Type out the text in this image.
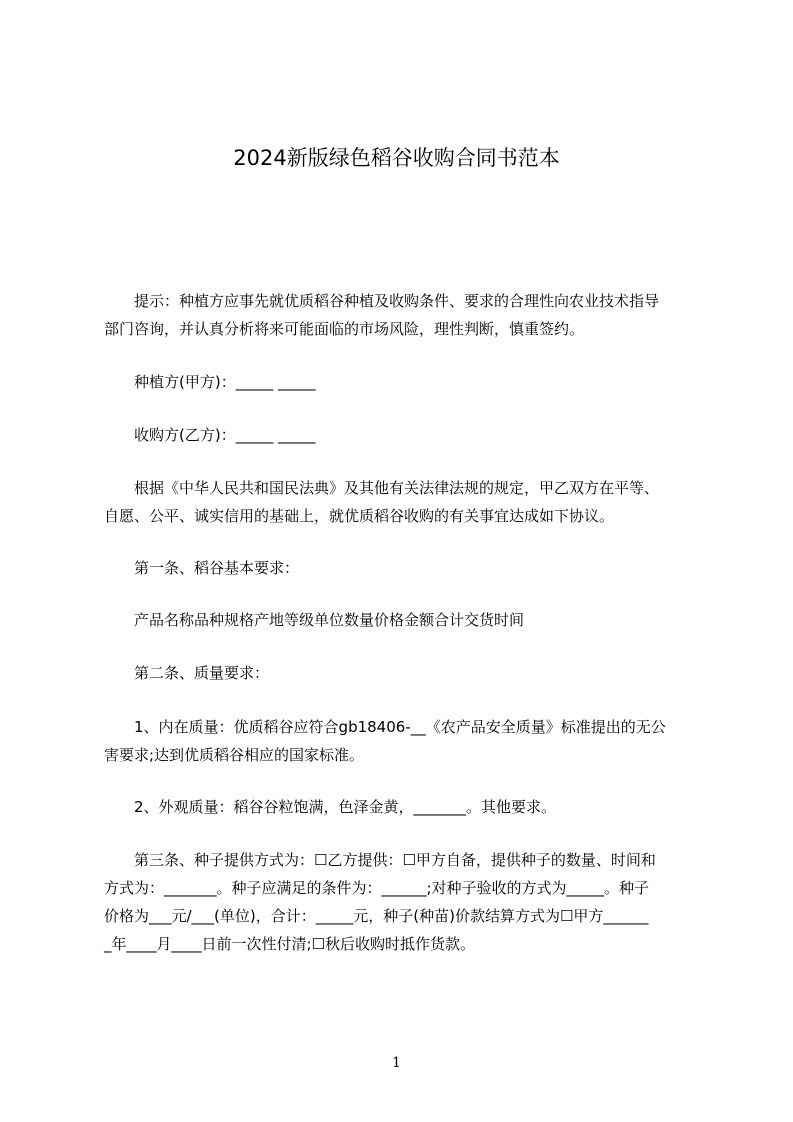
2024新版绿色稻谷收购合同书范本
　　提示：种植方应事先就优质稻谷种植及收购条件、要求的合理性向农业技术指导
部门咨询，并认真分析将来可能面临的市场风险，理性判断，慎重签约。
　　种植方(甲方)：_____ _____
　　收购方(乙方)：_____ _____
　　根据《中华人民共和国民法典》及其他有关法律法规的规定，甲乙双方在平等、
自愿、公平、诚实信用的基础上，就优质稻谷收购的有关事宜达成如下协议。
　　第一条、稻谷基本要求：
　　产品名称品种规格产地等级单位数量价格金额合计交货时间
　　第二条、质量要求：
　　1、内在质量：优质稻谷应符合gb18406-__《农产品安全质量》标准提出的无公
害要求;达到优质稻谷相应的国家标准。
　　2、外观质量：稻谷谷粒饱满，色泽金黄，_______。其他要求。
　　第三条、种子提供方式为：☐乙方提供：☐甲方自备，提供种子的数量、时间和
方式为：_______。种子应满足的条件为：______;对种子验收的方式为_____。种子
价格为___元/___(单位)，合计：_____元，种子(种苗)价款结算方式为☐甲方______
_年____月____日前一次性付清;☐秋后收购时抵作货款。
1
